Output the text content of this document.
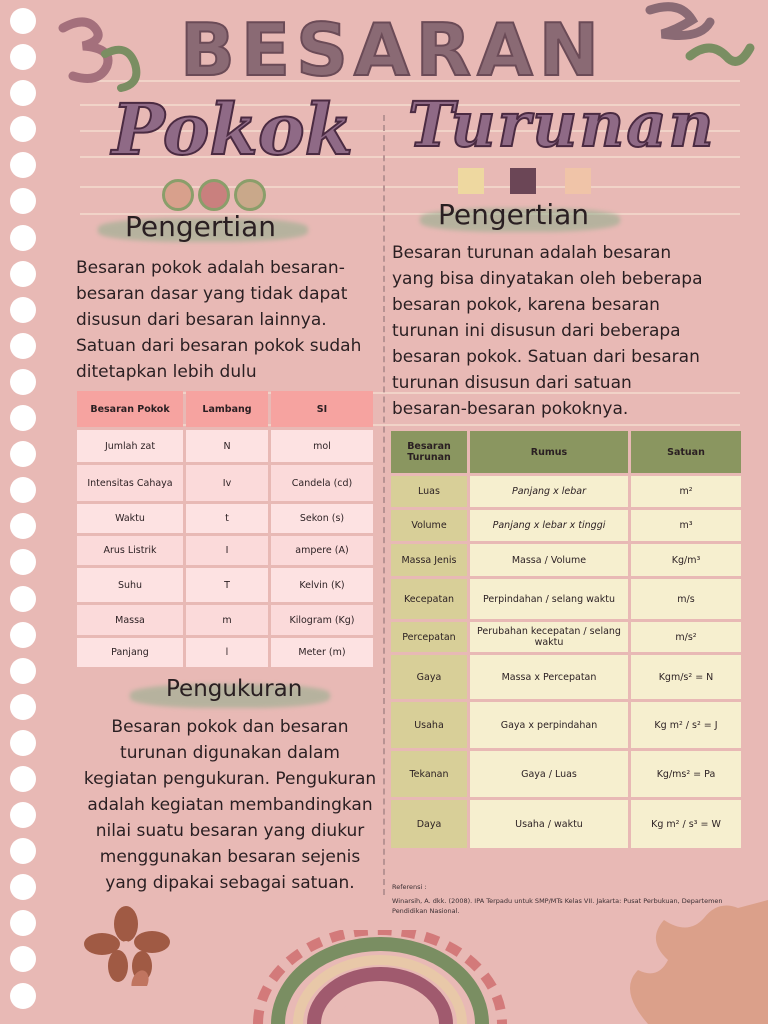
BESARAN
Pokok Turunan
Pengertian
Besaran pokok adalah besaran-
besaran dasar yang tidak dapat
disusun dari besaran lainnya.
Satuan dari besaran pokok sudah
ditetapkan lebih dulu
Besaran Pokok	Lambang	SI
Jumlah zat	N	mol
Intensitas Cahaya	Iv	Candela (cd)
Waktu	t	Sekon (s)
Arus Listrik	I	ampere (A)
Suhu	T	Kelvin (K)
Massa	m	Kilogram (Kg)
Panjang	l	Meter (m)
Pengukuran
Besaran pokok dan besaran
turunan digunakan dalam
kegiatan pengukuran. Pengukuran
adalah kegiatan membandingkan
nilai suatu besaran yang diukur
menggunakan besaran sejenis
yang dipakai sebagai satuan.
Pengertian
Besaran turunan adalah besaran
yang bisa dinyatakan oleh beberapa
besaran pokok, karena besaran
turunan ini disusun dari beberapa
besaran pokok. Satuan dari besaran
turunan disusun dari satuan
besaran-besaran pokoknya.
Besaran Turunan	Rumus	Satuan
Luas	Panjang x lebar	m²
Volume	Panjang x lebar x tinggi	m³
Massa Jenis	Massa / Volume	Kg/m³
Kecepatan	Perpindahan / selang waktu	m/s
Percepatan	Perubahan kecepatan / selang waktu	m/s²
Gaya	Massa x Percepatan	Kgm/s² = N
Usaha	Gaya x perpindahan	Kg m² / s² = J
Tekanan	Gaya / Luas	Kg/ms² = Pa
Daya	Usaha / waktu	Kg m² / s³ = W
Referensi :
Winarsih, A. dkk. (2008). IPA Terpadu untuk SMP/MTs Kelas VII. Jakarta: Pusat Perbukuan, Departemen Pendidikan Nasional.
